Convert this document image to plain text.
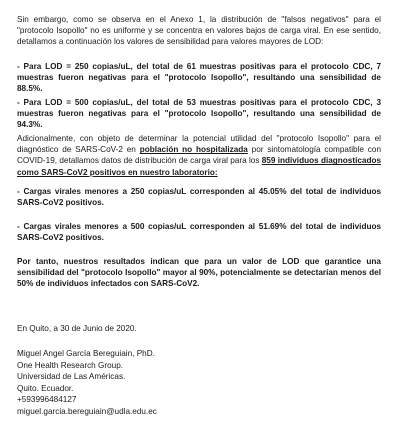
Sin embargo, como se observa en el Anexo 1, la distribución de "falsos negativos" para el "protocolo Isopollo" no es uniforme y se concentra en valores bajos de carga viral. En ese sentido, detallamos a continuación los valores de sensibilidad para valores mayores de LOD:

- Para LOD = 250 copias/uL, del total de 61 muestras positivas para el protocolo CDC, 7 muestras fueron negativas para el "protocolo Isopollo", resultando una sensibilidad de 88.5%.

- Para LOD = 500 copias/uL, del total de 53 muestras positivas para el protocolo CDC, 3 muestras fueron negativas para el "protocolo Isopollo", resultando una sensibilidad de 94.3%.

Adicionalmente, con objeto de determinar la potencial utilidad del "protocolo Isopollo" para el diagnóstico de SARS-CoV-2 en población no hospitalizada por sintomatología compatible con COVID-19, detallamos datos de distribución de carga viral para los 859 individuos diagnosticados como SARS-CoV2 positivos en nuestro laboratorio:

- Cargas virales menores a 250 copias/uL corresponden al 45.05% del total de individuos SARS-CoV2 positivos.

- Cargas virales menores a 500 copias/uL corresponden al 51.69% del total de individuos SARS-CoV2 positivos.

Por tanto, nuestros resultados indican que para un valor de LOD que garantice una sensibilidad del "protocolo Isopollo" mayor al 90%, potencialmente se detectarían menos del 50% de individuos infectados con SARS-CoV2.

En Quito, a 30 de Junio de 2020.

Miguel Angel García Bereguiain, PhD.
One Health Research Group.
Universidad de Las Américas.
Quito. Ecuador.
+593996484127
miguel.garcia.bereguiain@udla.edu.ec
